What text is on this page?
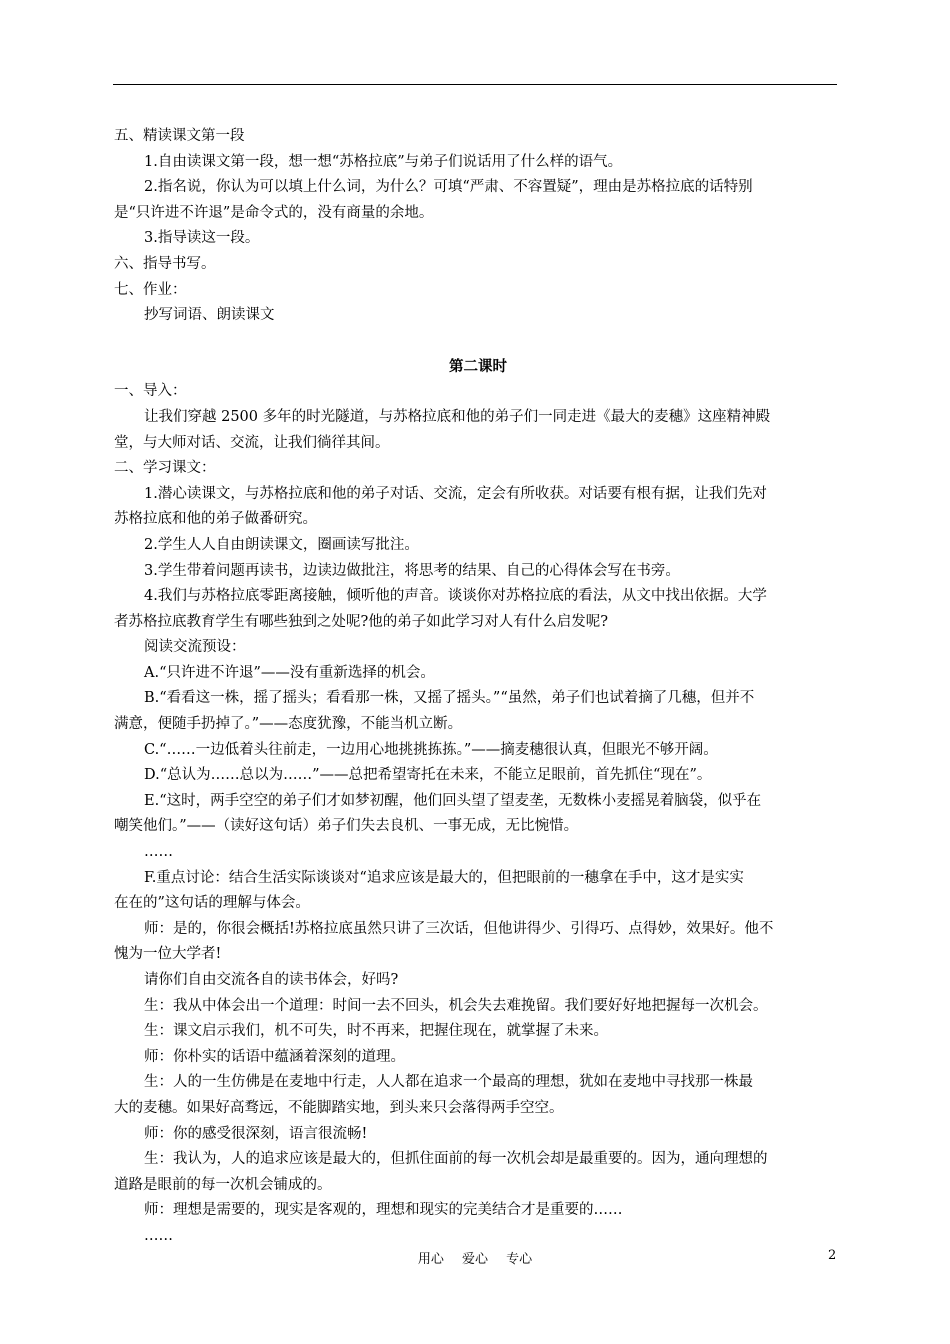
五、精读课文第一段

1.自由读课文第一段，想一想“苏格拉底”与弟子们说话用了什么样的语气。

2.指名说，你认为可以填上什么词，为什么？可填“严肃、不容置疑”，理由是苏格拉底的话特别

是“只许进不许退”是命令式的，没有商量的余地。

3.指导读这一段。

六、指导书写。

七、作业：

抄写词语、朗读课文

第二课时

一、导入：

让我们穿越 2500 多年的时光隧道，与苏格拉底和他的弟子们一同走进《最大的麦穗》这座精神殿

堂，与大师对话、交流，让我们徜徉其间。

二、学习课文：

1.潜心读课文，与苏格拉底和他的弟子对话、交流，定会有所收获。对话要有根有据，让我们先对

苏格拉底和他的弟子做番研究。

2.学生人人自由朗读课文，圈画读写批注。

3.学生带着问题再读书，边读边做批注，将思考的结果、自己的心得体会写在书旁。

4.我们与苏格拉底零距离接触，倾听他的声音。谈谈你对苏格拉底的看法，从文中找出依据。大学

者苏格拉底教育学生有哪些独到之处呢?他的弟子如此学习对人有什么启发呢?

阅读交流预设：

A.“只许进不许退”——没有重新选择的机会。

B.“看看这一株，摇了摇头；看看那一株，又摇了摇头。”“虽然，弟子们也试着摘了几穗，但并不

满意，便随手扔掉了。”——态度犹豫，不能当机立断。

C.“……一边低着头往前走，一边用心地挑挑拣拣。”——摘麦穗很认真，但眼光不够开阔。

D.“总认为……总以为……”——总把希望寄托在未来，不能立足眼前，首先抓住“现在”。

E.“这时，两手空空的弟子们才如梦初醒，他们回头望了望麦垄，无数株小麦摇晃着脑袋，似乎在

嘲笑他们。”——（读好这句话）弟子们失去良机、一事无成，无比惋惜。

……

F.重点讨论：结合生活实际谈谈对“追求应该是最大的，但把眼前的一穗拿在手中，这才是实实

在在的”这句话的理解与体会。

师：是的，你很会概括!苏格拉底虽然只讲了三次话，但他讲得少、引得巧、点得妙，效果好。他不

愧为一位大学者!

请你们自由交流各自的读书体会，好吗?

生：我从中体会出一个道理：时间一去不回头，机会失去难挽留。我们要好好地把握每一次机会。

生：课文启示我们，机不可失，时不再来，把握住现在，就掌握了未来。

师：你朴实的话语中蕴涵着深刻的道理。

生：人的一生仿佛是在麦地中行走，人人都在追求一个最高的理想，犹如在麦地中寻找那一株最

大的麦穗。如果好高骛远，不能脚踏实地，到头来只会落得两手空空。

师：你的感受很深刻，语言很流畅!

生：我认为，人的追求应该是最大的，但抓住面前的每一次机会却是最重要的。因为，通向理想的

道路是眼前的每一次机会铺成的。

师：理想是需要的，现实是客观的，理想和现实的完美结合才是重要的……

……

用心 爱心 专心	2
